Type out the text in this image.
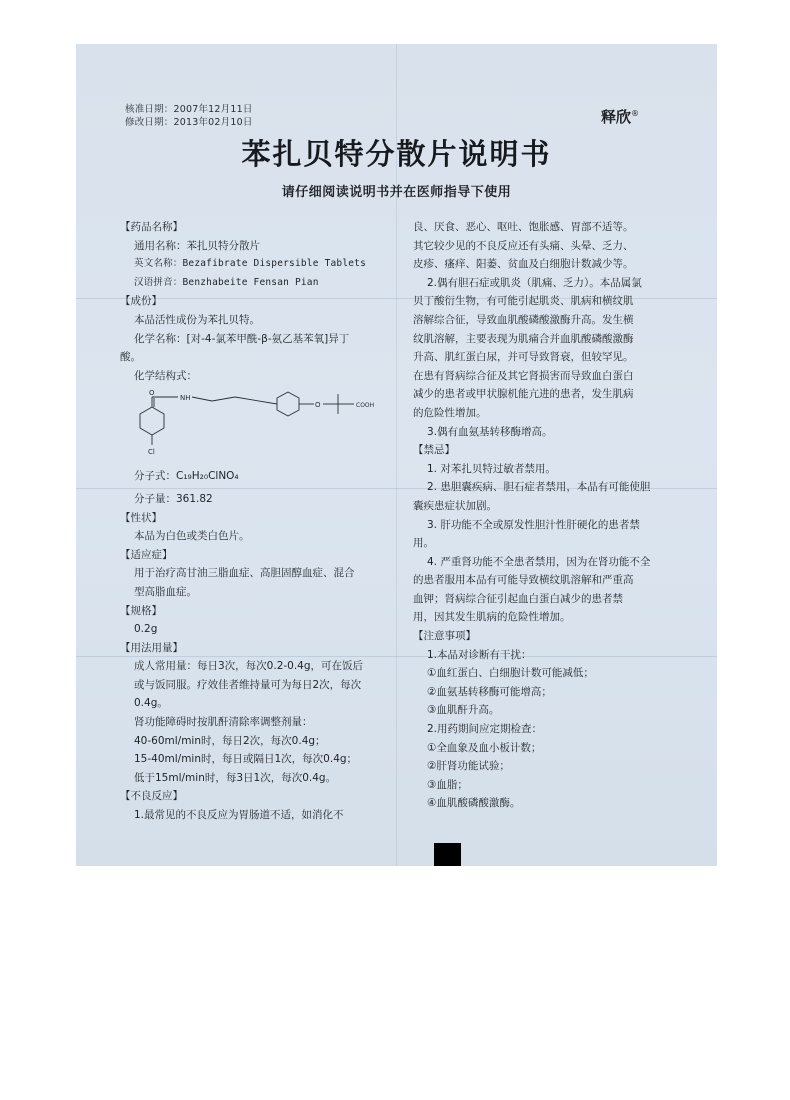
核准日期：2007年12月11日
修改日期：2013年02月10日	释欣®
苯扎贝特分散片说明书
请仔细阅读说明书并在医师指导下使用
【药品名称】
通用名称：苯扎贝特分散片
英文名称：Bezafibrate Dispersible Tablets
汉语拼音：Benzhabeite Fensan Pian
【成份】
本品活性成份为苯扎贝特。
化学名称：[对-4-氯苯甲酰-β-氨乙基苯氧]异丁
酸。
化学结构式：
O
NH
O	COOH
Cl
分子式：C₁₉H₂₀ClNO₄
分子量：361.82
【性状】
本品为白色或类白色片。
【适应症】
用于治疗高甘油三脂血症、高胆固醇血症、混合
型高脂血症。
【规格】
0.2g
【用法用量】
成人常用量：每日3次，每次0.2-0.4g，可在饭后
或与饭同服。疗效佳者维持量可为每日2次，每次
0.4g。
肾功能障碍时按肌酐清除率调整剂量：
40-60ml/min时，每日2次，每次0.4g；
15-40ml/min时，每日或隔日1次，每次0.4g；
低于15ml/min时，每3日1次，每次0.4g。
【不良反应】
1.最常见的不良反应为胃肠道不适，如消化不
良、厌食、恶心、呕吐、饱胀感、胃部不适等。
其它较少见的不良反应还有头痛、头晕、乏力、
皮疹、瘙痒、阳萎、贫血及白细胞计数减少等。
2.偶有胆石症或肌炎（肌痛、乏力）。本品属氯
贝丁酸衍生物，有可能引起肌炎、肌病和横纹肌
溶解综合征，导致血肌酸磷酸激酶升高。发生横
纹肌溶解，主要表现为肌痛合并血肌酸磷酸激酶
升高、肌红蛋白尿，并可导致肾衰，但较罕见。
在患有肾病综合征及其它肾损害而导致血白蛋白
减少的患者或甲状腺机能亢进的患者，发生肌病
的危险性增加。
3.偶有血氨基转移酶增高。
【禁忌】
1. 对苯扎贝特过敏者禁用。
2. 患胆囊疾病、胆石症者禁用，本品有可能使胆
囊疾患症状加剧。
3. 肝功能不全或原发性胆汁性肝硬化的患者禁
用。
4. 严重肾功能不全患者禁用，因为在肾功能不全
的患者服用本品有可能导致横纹肌溶解和严重高
血钾；肾病综合征引起血白蛋白减少的患者禁
用，因其发生肌病的危险性增加。
【注意事项】
1.本品对诊断有干扰：
①血红蛋白、白细胞计数可能减低；
②血氨基转移酶可能增高；
③血肌酐升高。
2.用药期间应定期检查：
①全血象及血小板计数；
②肝肾功能试验；
③血脂；
④血肌酸磷酸激酶。
